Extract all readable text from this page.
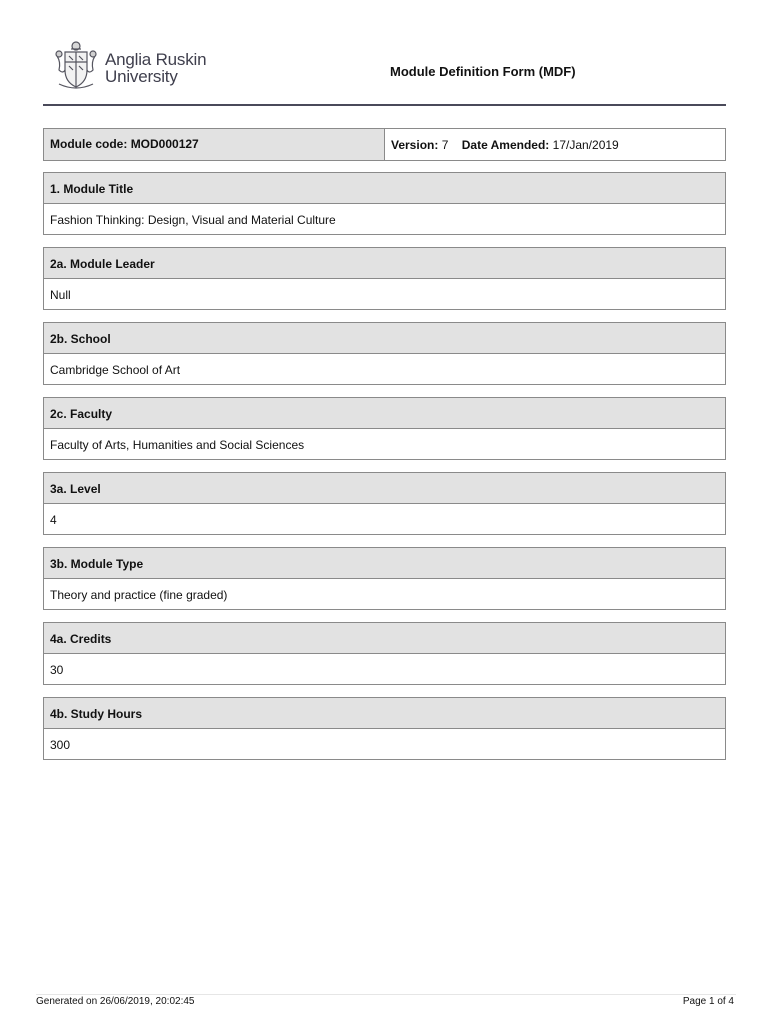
Anglia Ruskin
University	Module Definition Form (MDF)
Module code: MOD000127	Version: 7 Date Amended: 17/Jan/2019
1. Module Title
Fashion Thinking: Design, Visual and Material Culture
2a. Module Leader
Null
2b. School
Cambridge School of Art
2c. Faculty
Faculty of Arts, Humanities and Social Sciences
3a. Level
4
3b. Module Type
Theory and practice (fine graded)
4a. Credits
30
4b. Study Hours
300
Generated on 26/06/2019, 20:02:45	Page 1 of 4
